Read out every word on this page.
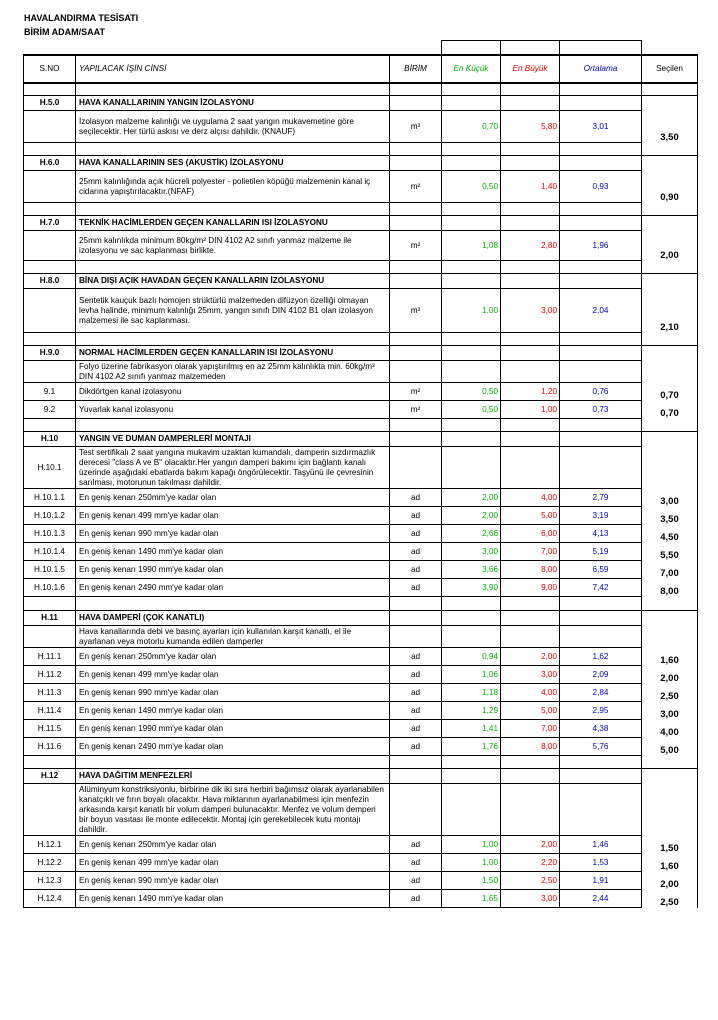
HAVALANDIRMA TESİSATI
BİRİM ADAM/SAAT

S.NO	YAPILACAK İŞİN CİNSİ	BİRİM	En Küçük	En Büyük	Ortalama	Seçilen

H.5.0	HAVA KANALLARININ YANGIN İZOLASYONU					
	İzolasyon malzeme kalınlığı ve uygulama 2 saat yangın mukavemetine göre seçilecektir. Her türlü askısı ve derz alçısı dahildir. (KNAUF)	m²	0,70	5,80	3,01	3,50

H.6.0	HAVA KANALLARININ SES (AKUSTİK) İZOLASYONU					
	25mm kalınlığında açık hücreli polyester - polietilen köpüğü malzemenin kanal iç cidarına yapıştırılacaktır.(NFAF)	m²	0,50	1,40	0,93	0,90

H.7.0	TEKNİK HACİMLERDEN GEÇEN KANALLARIN ISI İZOLASYONU					
	25mm kalınlıkda minimum 80kg/m² DIN 4102 A2 sınıfı yanmaz malzeme ile izolasyonu ve sac kaplanması birlikte.	m²	1,08	2,80	1,96	2,00

H.8.0	BİNA DIŞI AÇIK HAVADAN GEÇEN KANALLARIN İZOLASYONU					
	Sentetik kauçuk bazlı homojen strüktürlü malzemeden difüzyon özelliği olmayan levha halinde, minimum kalınlığı 25mm, yangın sınıfı DIN 4102 B1 olan izolasyon malzemesi ile sac kaplanması.	m²	1,00	3,00	2,04	2,10

H.9.0	NORMAL HACİMLERDEN GEÇEN KANALLARIN ISI İZOLASYONU					
	Folyo üzerine fabrikasyon olarak yapıştırılmış en az 25mm kalınlıkta min. 60kg/m³ DIN 4102 A2 sınıfı yanmaz malzemeden					
9.1	Dikdörtgen kanal izolasyonu	m²	0,50	1,20	0,76	0,70
9.2	Yuvarlak kanal izolasyonu	m²	0,50	1,00	0,73	0,70

H.10	YANGIN VE DUMAN DAMPERLERİ MONTAJI					
H.10.1	Test sertifikalı 2 saat yangına mukavim uzaktan kumandalı, damperin sızdırmazlık derecesi "class A ve B" olacaktır.Her yangın damperi bakımı için bağlantı kanalı üzerinde aşağıdaki ebatlarda bakım kapağı öngörülecektir. Taşyünü ile çevresinin sarılması, motorunun takılması dahildir.					
H.10.1.1	En geniş kenarı 250mm'ye kadar olan	ad	2,00	4,00	2,79	3,00
H.10.1.2	En geniş kenarı 499 mm'ye kadar olan	ad	2,00	5,00	3,19	3,50
H.10.1.3	En geniş kenarı 990 mm'ye kadar olan	ad	2,66	6,00	4,13	4,50
H.10.1.4	En geniş kenarı 1490 mm'ye kadar olan	ad	3,00	7,00	5,19	5,50
H.10.1.5	En geniş kenarı 1990 mm'ye kadar olan	ad	3,66	8,00	6,59	7,00
H.10.1.6	En geniş kenarı 2490 mm'ye kadar olan	ad	3,90	9,00	7,42	8,00

H.11	HAVA DAMPERİ (ÇOK KANATLI)					
	Hava kanallarında debi ve basınç ayarları için kullanılan karşıt kanatlı, el ile ayarlanan veya motorlu kumanda edilen damperler					
H.11.1	En geniş kenarı 250mm'ye kadar olan	ad	0,94	2,00	1,62	1,60
H.11.2	En geniş kenarı 499 mm'ye kadar olan	ad	1,06	3,00	2,09	2,00
H.11.3	En geniş kenarı 990 mm'ye kadar olan	ad	1,18	4,00	2,84	2,50
H.11.4	En geniş kenarı 1490 mm'ye kadar olan	ad	1,29	5,00	2,95	3,00
H.11.5	En geniş kenarı 1990 mm'ye kadar olan	ad	1,41	7,00	4,38	4,00
H.11.6	En geniş kenarı 2490 mm'ye kadar olan	ad	1,76	8,00	5,76	5,00

H.12	HAVA DAĞITIM MENFEZLERİ					
	Alüminyum konstriksiyonlu, birbirine dik iki sıra herbiri bağımsız olarak ayarlanabilen kanatçıklı ve fırın boyalı olacaktır. Hava miktarının ayarlanabilmesi için menfezin arkasında karşıt kanatlı bir volum damperi bulunacaktır. Menfez ve volum demperi bir boyun vasıtası ile monte edilecektir. Montaj için gerekebilecek kutu montajı dahildir.					
H.12.1	En geniş kenarı 250mm'ye kadar olan	ad	1,00	2,00	1,46	1,50
H.12.2	En geniş kenarı 499 mm'ye kadar olan	ad	1,00	2,20	1,53	1,60
H.12.3	En geniş kenarı 990 mm'ye kadar olan	ad	1,50	2,50	1,91	2,00
H.12.4	En geniş kenarı 1490 mm'ye kadar olan	ad	1,65	3,00	2,44	2,50
